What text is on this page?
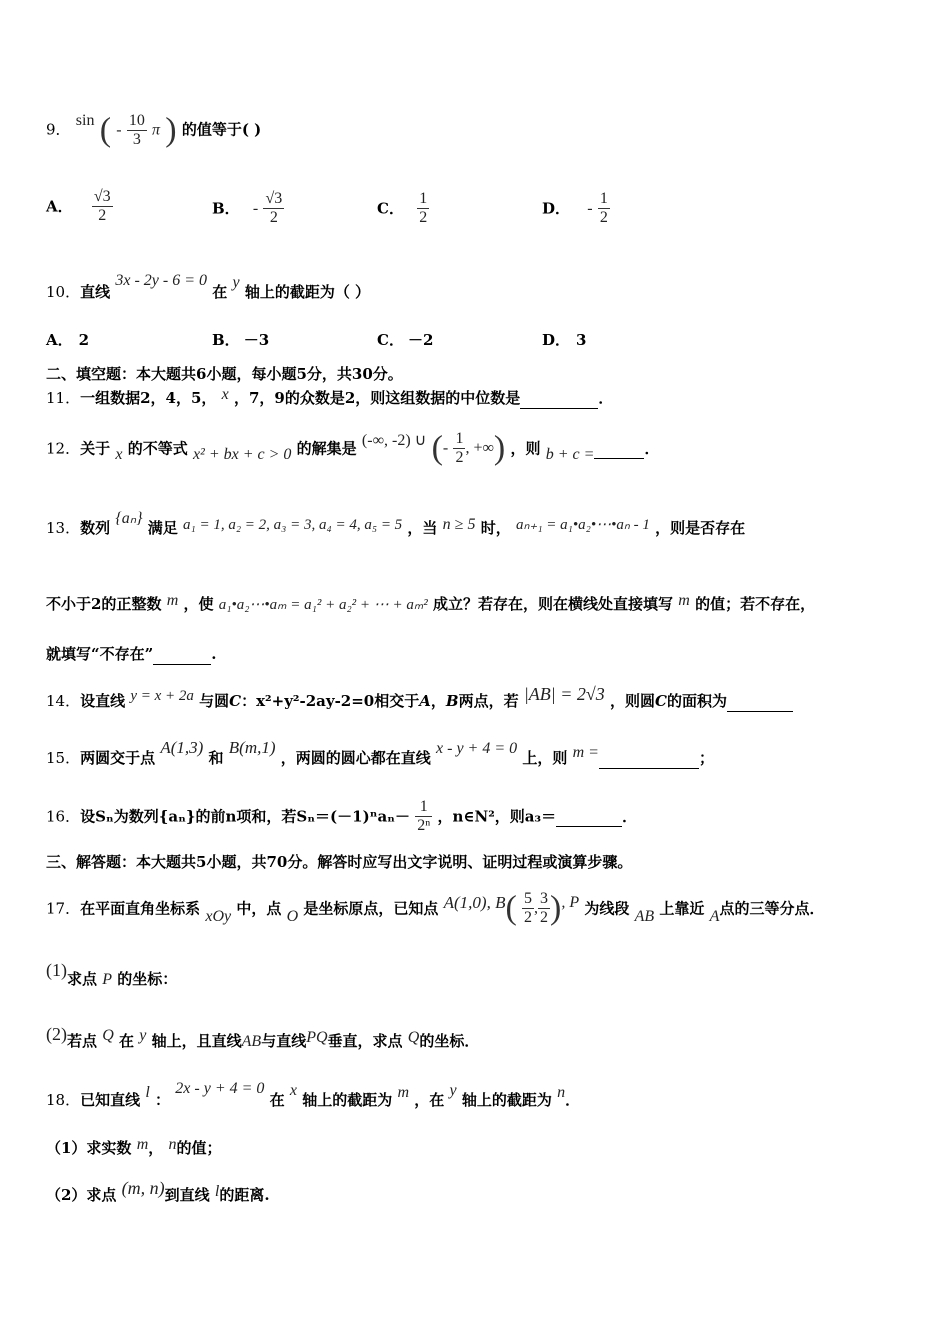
9． sin ( - $\frac{10}{3}$ π ) 的值等于( )
A． $\frac{√3}{2}$	B． - $\frac{√3}{2}$	C． $\frac{1}{2}$	D． - $\frac{1}{2}$
10．直线 3x - 2y - 6 = 0 在 y 轴上的截距为（ ）
A． 2	B． －3	C． －2	D． 3
二、填空题：本大题共6小题，每小题5分，共30分。
11．一组数据2，4，5， x ，7，9的众数是2，则这组数据的中位数是	．
12．关于 x 的不等式 x² + bx + c > 0 的解集是 (-∞, -2) ∪ (- $\frac{1}{2}$ , +∞) ，则 b + c =	．
13．数列 {aₙ} 满足 a₁ = 1, a₂ = 2, a₃ = 3, a₄ = 4, a₅ = 5 ，当 n ≥ 5 时， aₙ₊₁ = a₁•a₂•⋯•aₙ - 1 ，则是否存在
不小于2的正整数 m ，使 a₁•a₂⋯•aₘ = a₁² + a₂² + ⋯ + aₘ² 成立？若存在，则在横线处直接填写 m 的值；若不存在，
就填写“不存在”	.
14．设直线 y = x + 2a 与圆C：x²+y²-2ay-2=0相交于A，B两点，若 |AB| = 2√3 ，则圆C的面积为
15．两圆交于点 A(1,3) 和 B(m,1) ，两圆的圆心都在直线 x - y + 4 = 0 上，则 m =	；
16．设Sₙ为数列{aₙ}的前n项和，若$S_n=(-1)^na_n- \frac{1}{\text{2ⁿ}}$ ，n∈N²，则a₃＝	．
三、解答题：本大题共5小题，共70分。解答时应写出文字说明、证明过程或演算步骤。
17．在平面直角坐标系 xOy 中，点 O 是坐标原点，已知点 A(1,0), $B( \frac{5}{2}$ , $\frac{3}{2}$ ), P 为线段 AB 上靠近 A点的三等分点．
(1)求点 P 的坐标：
(2)若点 Q 在 y 轴上，且直线AB与直线PQ垂直，求点 Q的坐标．
18．已知直线 l ： 2x - y + 4 = 0 在 x 轴上的截距为 m ，在 y 轴上的截距为 n．
（1）求实数 m， n的值；
（2）求点 (m, n)到直线 l的距离.
